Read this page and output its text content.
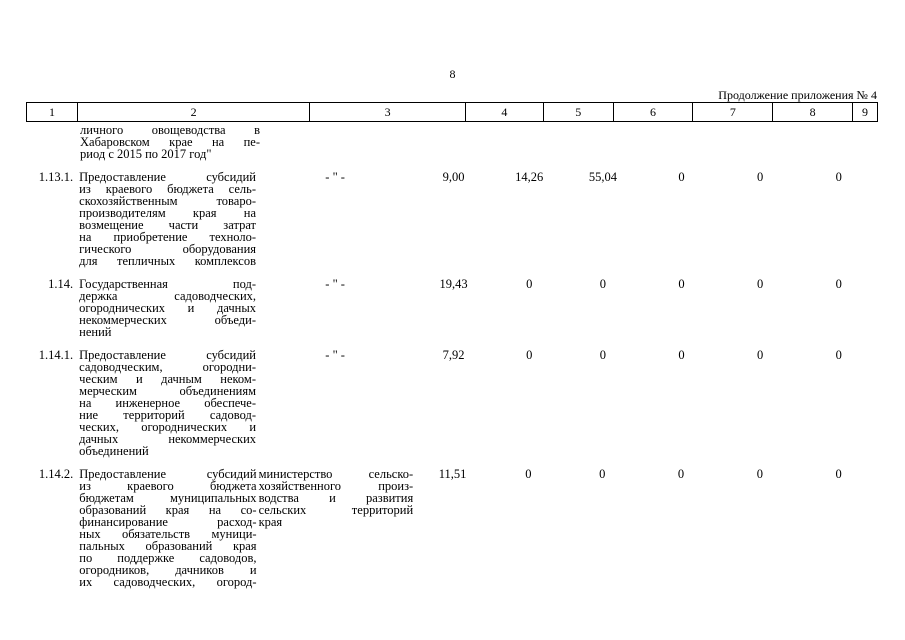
8
Продолжение приложения № 4
1	2	3	4	5	6	7	8	9
личного овощеводства в
Хабаровском крае на пе-
риод с 2015 по 2017 год"
1.13.1. Предоставление субсидий
из краевого бюджета сель-
скохозяйственным товаро-
производителям края на
возмещение части затрат
на приобретение техноло-
гического оборудования
для тепличных комплексов
- " -	9,00	14,26	55,04	0	0	0
1.14. Государственная под-
держка садоводческих,
огороднических и дачных
некоммерческих объеди-
нений
- " -	19,43	0	0	0	0	0
1.14.1. Предоставление субсидий
садоводческим, огородни-
ческим и дачным неком-
мерческим объединениям
на инженерное обеспече-
ние территорий садовод-
ческих, огороднических и
дачных некоммерческих
объединений
- " -	7,92	0	0	0	0	0
1.14.2. Предоставление субсидий
из краевого бюджета
бюджетам муниципальных
образований края на со-
финансирование расход-
ных обязательств муници-
пальных образований края
по поддержке садоводов,
огородников, дачников и
их садоводческих, огород-
министерство сельско-
хозяйственного произ-
водства и развития
сельских территорий
края
11,51	0	0	0	0	0
